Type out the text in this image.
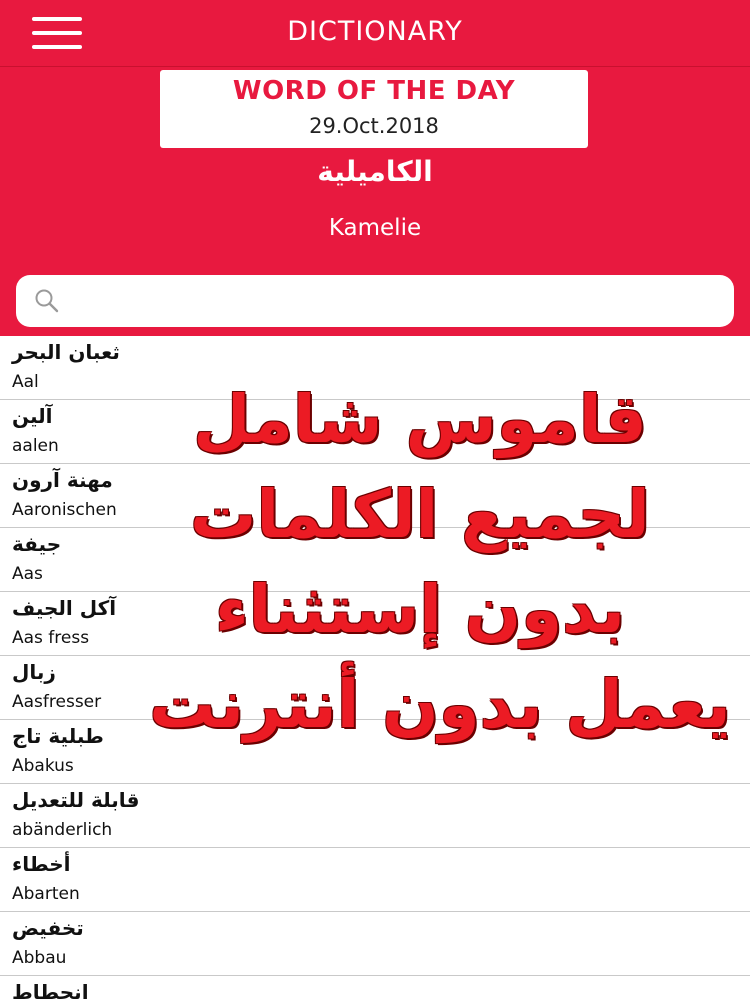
DICTIONARY
WORD OF THE DAY
29.Oct.2018
الكاميلية
Kamelie
ثعبان البحر
Aal
آلين
aalen
مهنة آرون
Aaronischen
جيفة
Aas
آكل الجيف
Aas fress
زبال
Aasfresser
طبلية تاج
Abakus
قابلة للتعديل
abänderlich
أخطاء
Abarten
تخفيض
Abbau
انحطاط
قاموس شامل
لجميع الكلمات
بدون إستثناء
يعمل بدون أنترنت
